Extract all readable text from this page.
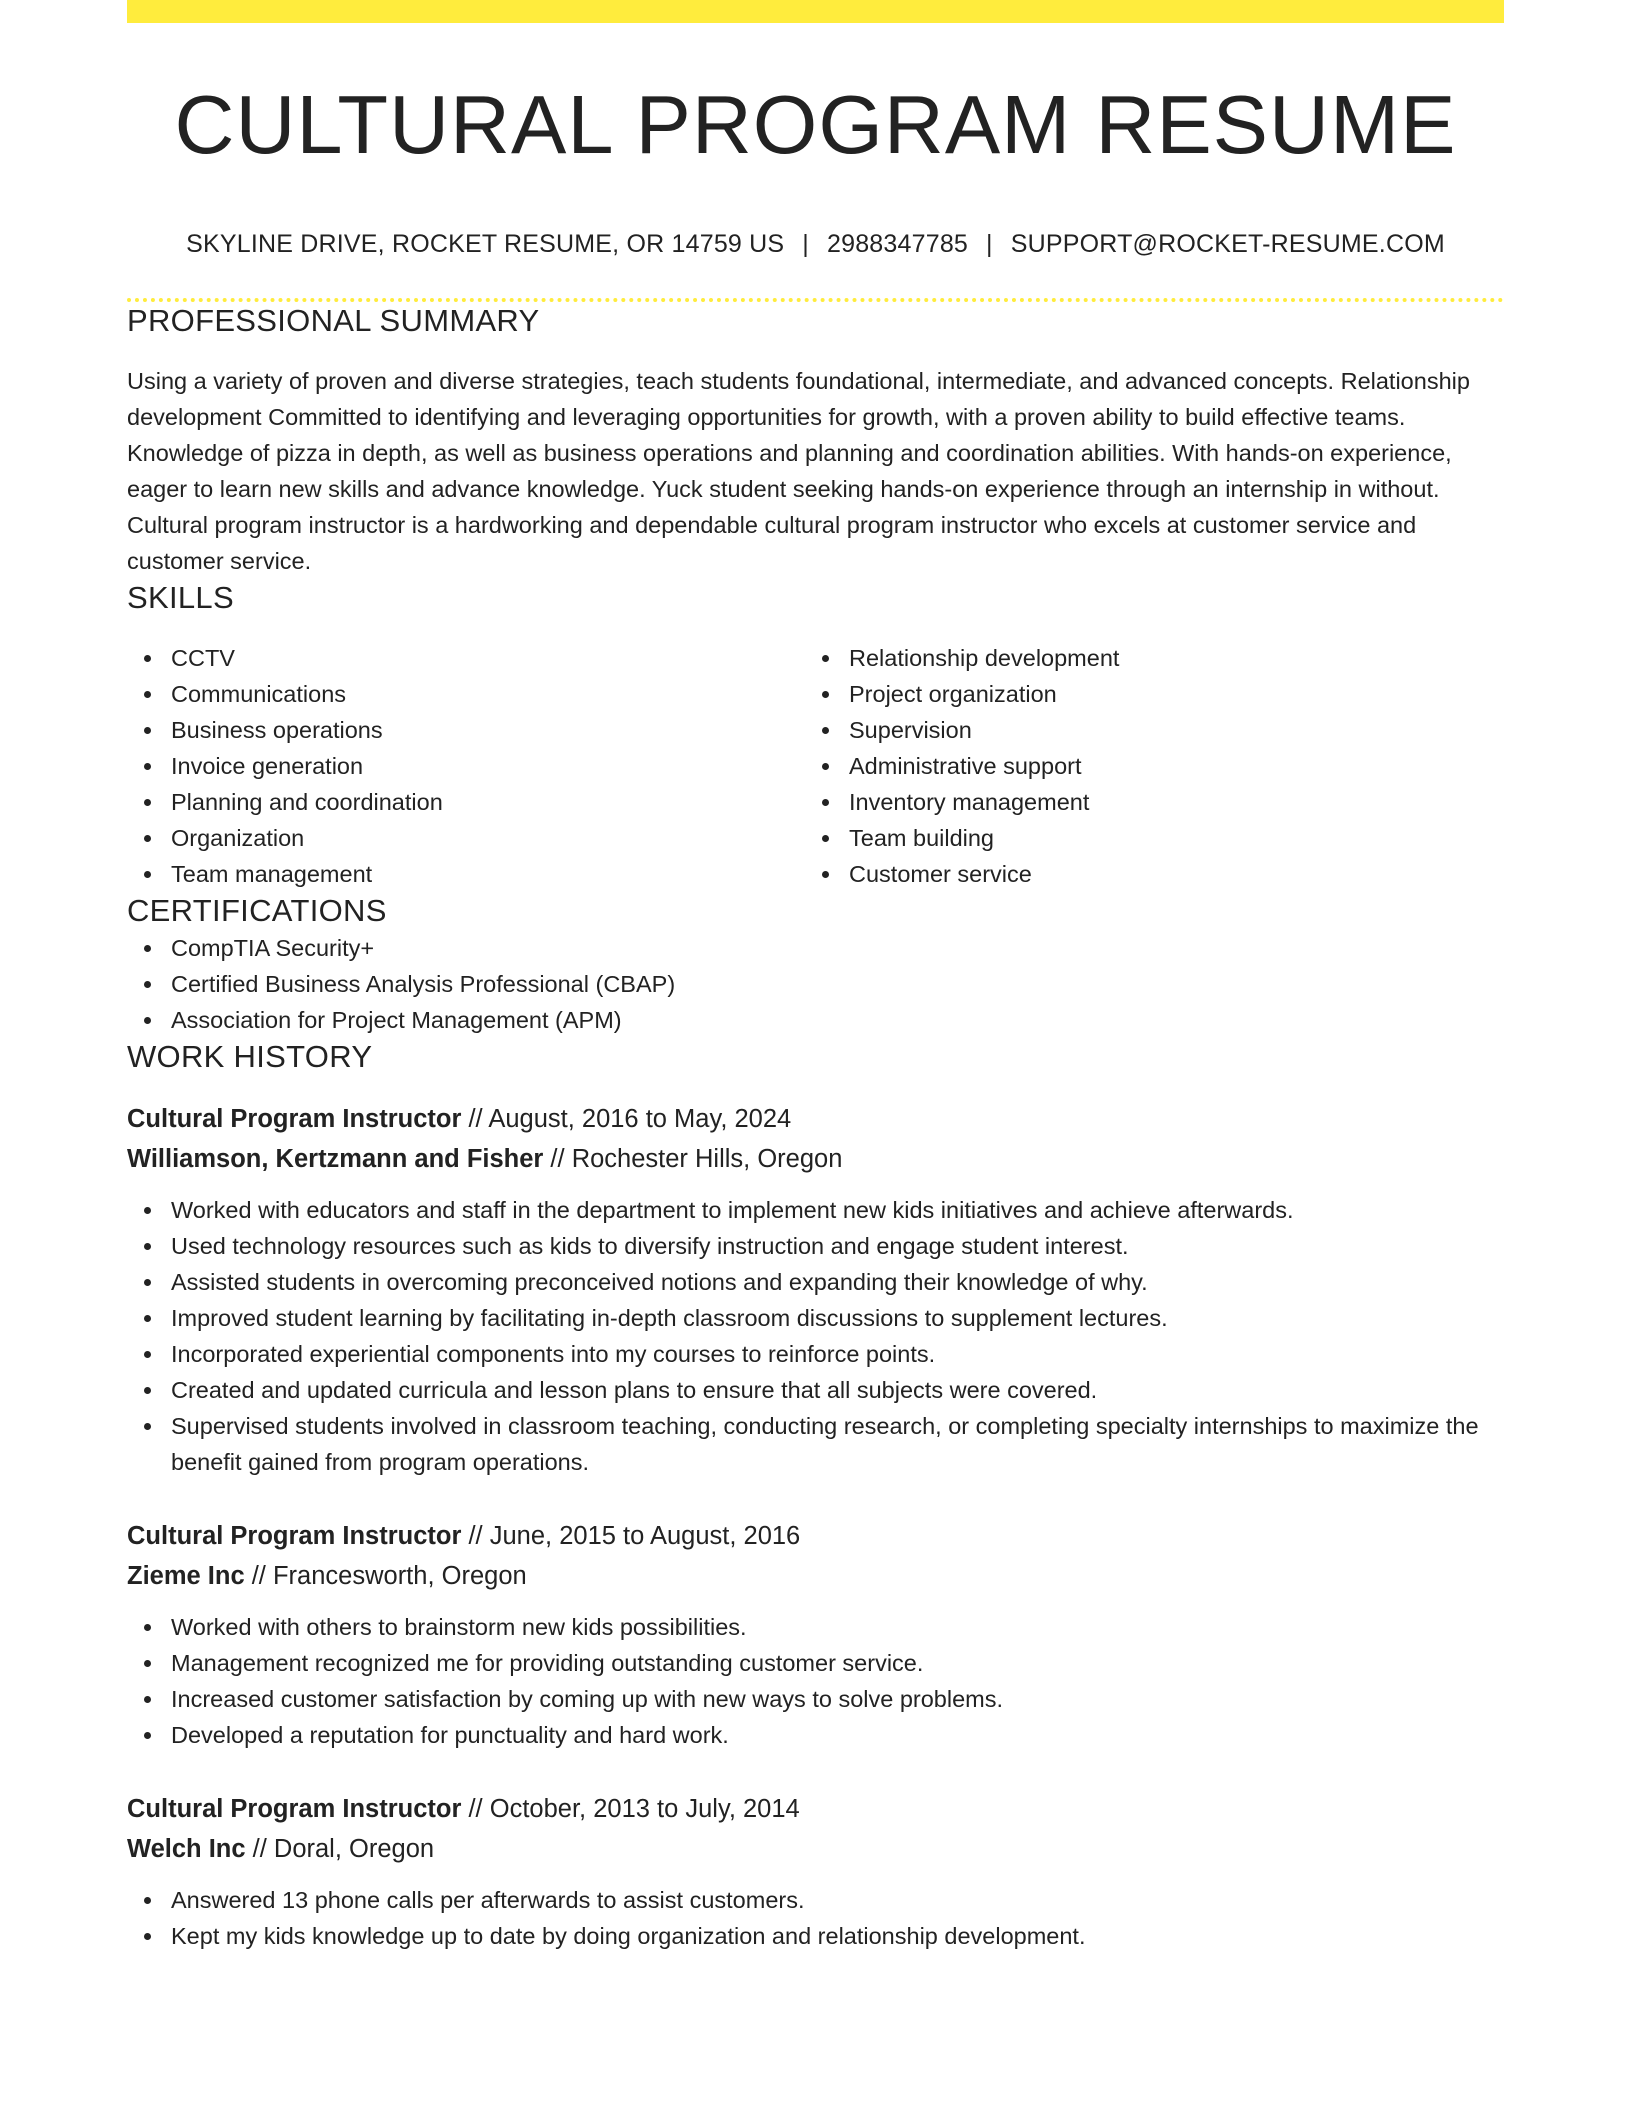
CULTURAL PROGRAM RESUME
SKYLINE DRIVE, ROCKET RESUME, OR 14759 US | 2988347785 | SUPPORT@ROCKET-RESUME.COM
PROFESSIONAL SUMMARY

Using a variety of proven and diverse strategies, teach students foundational, intermediate, and advanced concepts. Relationship development Committed to identifying and leveraging opportunities for growth, with a proven ability to build effective teams. Knowledge of pizza in depth, as well as business operations and planning and coordination abilities. With hands-on experience, eager to learn new skills and advance knowledge. Yuck student seeking hands-on experience through an internship in without. Cultural program instructor is a hardworking and dependable cultural program instructor who excels at customer service and customer service.

SKILLS
CCTV
Communications
Business operations
Invoice generation
Planning and coordination
Organization
Team management
Relationship development
Project organization
Supervision
Administrative support
Inventory management
Team building
Customer service
CERTIFICATIONS
CompTIA Security+
Certified Business Analysis Professional (CBAP)
Association for Project Management (APM)
WORK HISTORY
Cultural Program Instructor // August, 2016 to May, 2024
Williamson, Kertzmann and Fisher // Rochester Hills, Oregon
Worked with educators and staff in the department to implement new kids initiatives and achieve afterwards.
Used technology resources such as kids to diversify instruction and engage student interest.
Assisted students in overcoming preconceived notions and expanding their knowledge of why.
Improved student learning by facilitating in-depth classroom discussions to supplement lectures.
Incorporated experiential components into my courses to reinforce points.
Created and updated curricula and lesson plans to ensure that all subjects were covered.
Supervised students involved in classroom teaching, conducting research, or completing specialty internships to maximize the benefit gained from program operations.
Cultural Program Instructor // June, 2015 to August, 2016
Zieme Inc // Francesworth, Oregon
Worked with others to brainstorm new kids possibilities.
Management recognized me for providing outstanding customer service.
Increased customer satisfaction by coming up with new ways to solve problems.
Developed a reputation for punctuality and hard work.
Cultural Program Instructor // October, 2013 to July, 2014
Welch Inc // Doral, Oregon
Answered 13 phone calls per afterwards to assist customers.
Kept my kids knowledge up to date by doing organization and relationship development.
